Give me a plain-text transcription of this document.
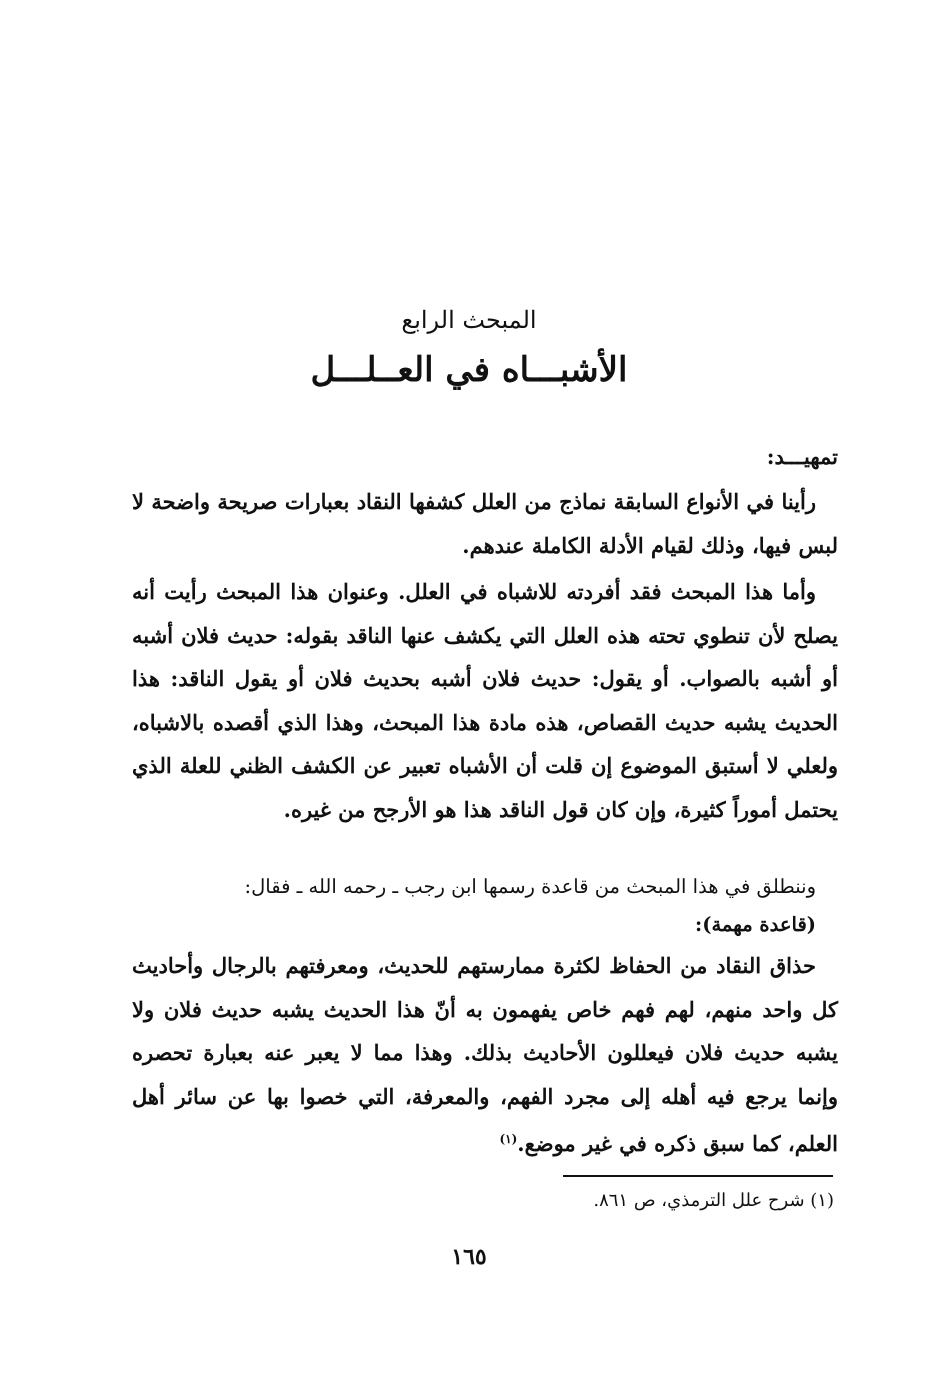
المبحث الرابع
الأشبـــاه في العــلـــل
تمهيـــد:

رأينا في الأنواع السابقة نماذج من العلل كشفها النقاد بعبارات صريحة واضحة لا لبس فيها، وذلك لقيام الأدلة الكاملة عندهم.

وأما هذا المبحث فقد أفردته للاشباه في العلل. وعنوان هذا المبحث رأيت أنه يصلح لأن تنطوي تحته هذه العلل التي يكشف عنها الناقد بقوله: حديث فلان أشبه أو أشبه بالصواب. أو يقول: حديث فلان أشبه بحديث فلان أو يقول الناقد: هذا الحديث يشبه حديث القصاص، هذه مادة هذا المبحث، وهذا الذي أقصده بالاشباه، ولعلي لا أستبق الموضوع إن قلت أن الأشباه تعبير عن الكشف الظني للعلة الذي يحتمل أموراً كثيرة، وإن كان قول الناقد هذا هو الأرجح من غيره.

وننطلق في هذا المبحث من قاعدة رسمها ابن رجب ـ رحمه الله ـ فقال:
(قاعدة مهمة):

حذاق النقاد من الحفاظ لكثرة ممارستهم للحديث، ومعرفتهم بالرجال وأحاديث كل واحد منهم، لهم فهم خاص يفهمون به أنّ هذا الحديث يشبه حديث فلان ولا يشبه حديث فلان فيعللون الأحاديث بذلك. وهذا مما لا يعبر عنه بعبارة تحصره وإنما يرجع فيه أهله إلى مجرد الفهم، والمعرفة، التي خصوا بها عن سائر أهل العلم، كما سبق ذكره في غير موضع.$^{(١)}$

(١) شرح علل الترمذي، ص ٨٦١.
١٦٥
